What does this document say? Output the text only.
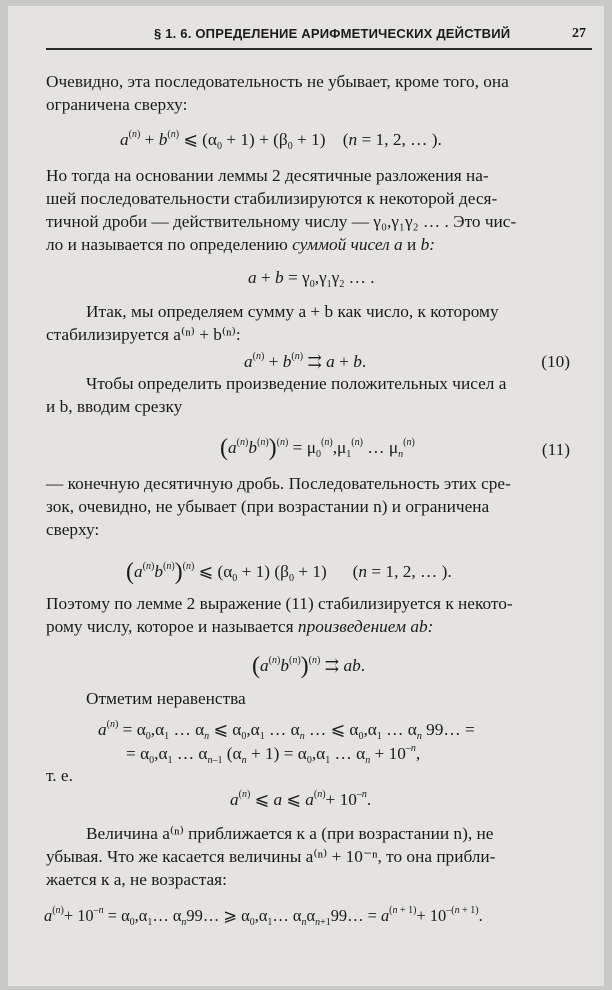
§ 1. 6. ОПРЕДЕЛЕНИЕ АРИФМЕТИЧЕСКИХ ДЕЙСТВИЙ	27
Очевидно, эта последовательность не убывает, кроме того, она
ограничена сверху:
$a^{(n)} + b^{(n)}$ ⩽ $(\alpha_0 + 1) + (\beta_0 + 1)$    (n = 1, 2, … ).
Но тогда на основании леммы 2 десятичные разложения на-
шей последовательности стабилизируются к некоторой деся-
тичной дроби — действительному числу — γ₀,γ₁γ₂ … . Это чис-
ло и называется по определению суммой чисел a и b:
$a + b = \gamma_0,\gamma_1\gamma_2$ … .
Итак, мы определяем сумму a + b как число, к которому
стабилизируется a⁽ⁿ⁾ + b⁽ⁿ⁾:
$a^{(n)} + b^{(n)}$ ⇉ a + b.	(10)
Чтобы определить произведение положительных чисел a
и b, вводим срезку
$(a^{(n)}b^{(n)})^{(n)} = \mu_0^{(n)},\mu_1^{(n)}$ … $\mu_n^{(n)}$	(11)
— конечную десятичную дробь. Последовательность этих сре-
зок, очевидно, не убывает (при возрастании n) и ограничена
сверху:
$(a^{(n)}b^{(n)})^{(n)}$ ⩽ $(\alpha_0 + 1) (\beta_0 + 1)$      (n = 1, 2, … ).
Поэтому по лемме 2 выражение (11) стабилизируется к некото-
рому числу, которое и называется произведением ab:
$(a^{(n)}b^{(n)})^{(n)}$ ⇉ ab.
Отметим неравенства
$a^{(n)} = \alpha_0,\alpha_1$ … $\alpha_n$ ⩽ $\alpha_0,\alpha_1$ … $\alpha_n$ … ⩽ $\alpha_0,\alpha_1$ … $\alpha_n$ 99… =
= $\alpha_0,\alpha_1$ … $\alpha_{n-1}$ $(\alpha_n + 1) = \alpha_0,\alpha_1$ … $\alpha_n + 10^{-n}$,
т. е.
$a^{(n)}$ ⩽ a ⩽ $a^{(n)}+ 10^{-n}$.
Величина a⁽ⁿ⁾ приближается к a (при возрастании n), не
убывая. Что же касается величины a⁽ⁿ⁾ + 10⁻ⁿ, то она прибли-
жается к a, не возрастая:
$a^{(n)}+ 10^{-n}$ = $\alpha_0,\alpha_1\dots$ $\alpha_n99\dots$ ⩾ $\alpha_0,\alpha_1\dots$ $\alpha_n\alpha_{n+1}99\dots = a^{(n + 1)}+ 10^{-(n + 1)}$.
